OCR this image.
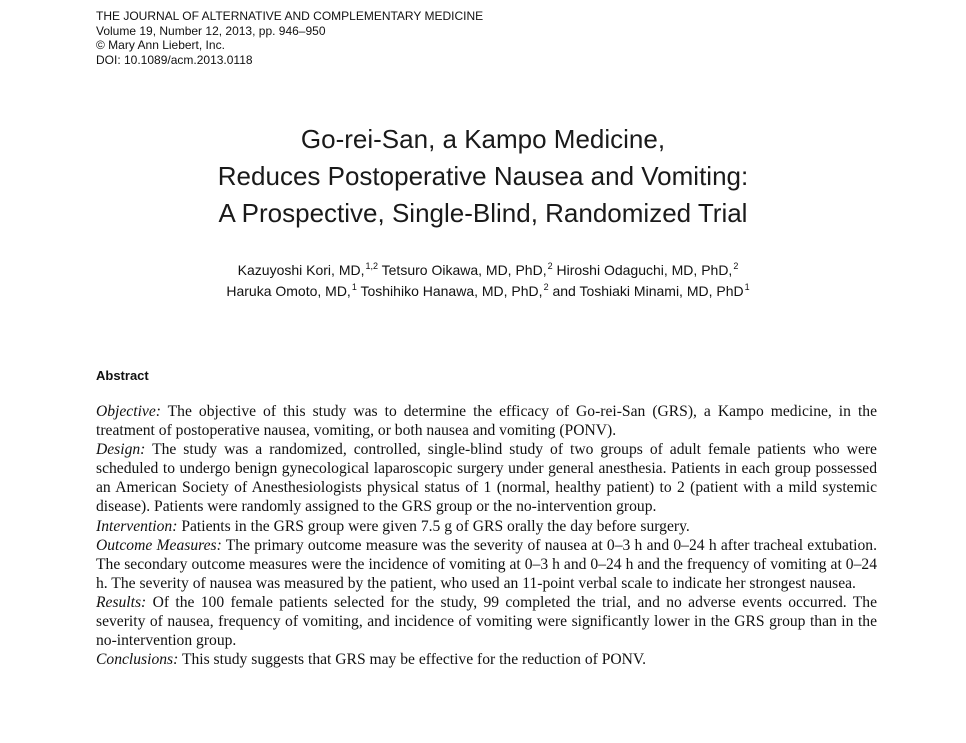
THE JOURNAL OF ALTERNATIVE AND COMPLEMENTARY MEDICINE
Volume 19, Number 12, 2013, pp. 946–950
© Mary Ann Liebert, Inc.
DOI: 10.1089/acm.2013.0118
Go-rei-San, a Kampo Medicine,
Reduces Postoperative Nausea and Vomiting:
A Prospective, Single-Blind, Randomized Trial
Kazuyoshi Kori, MD,$^{1,2}$ Tetsuro Oikawa, MD, PhD,$^2$ Hiroshi Odaguchi, MD, PhD,$^2$
Haruka Omoto, MD,$^1$ Toshihiko Hanawa, MD, PhD,$^2$ and Toshiaki Minami, MD, PhD$^1$
Abstract

Objective: The objective of this study was to determine the efficacy of Go-rei-San (GRS), a Kampo medicine, in the treatment of postoperative nausea, vomiting, or both nausea and vomiting (PONV).

Design: The study was a randomized, controlled, single-blind study of two groups of adult female patients who were scheduled to undergo benign gynecological laparoscopic surgery under general anesthesia. Patients in each group possessed an American Society of Anesthesiologists physical status of 1 (normal, healthy patient) to 2 (patient with a mild systemic disease). Patients were randomly assigned to the GRS group or the no-intervention group.

Intervention: Patients in the GRS group were given 7.5 g of GRS orally the day before surgery.

Outcome Measures: The primary outcome measure was the severity of nausea at 0–3 h and 0–24 h after tracheal extubation. The secondary outcome measures were the incidence of vomiting at 0–3 h and 0–24 h and the frequency of vomiting at 0–24 h. The severity of nausea was measured by the patient, who used an 11-point verbal scale to indicate her strongest nausea.

Results: Of the 100 female patients selected for the study, 99 completed the trial, and no adverse events occurred. The severity of nausea, frequency of vomiting, and incidence of vomiting were significantly lower in the GRS group than in the no-intervention group.

Conclusions: This study suggests that GRS may be effective for the reduction of PONV.
